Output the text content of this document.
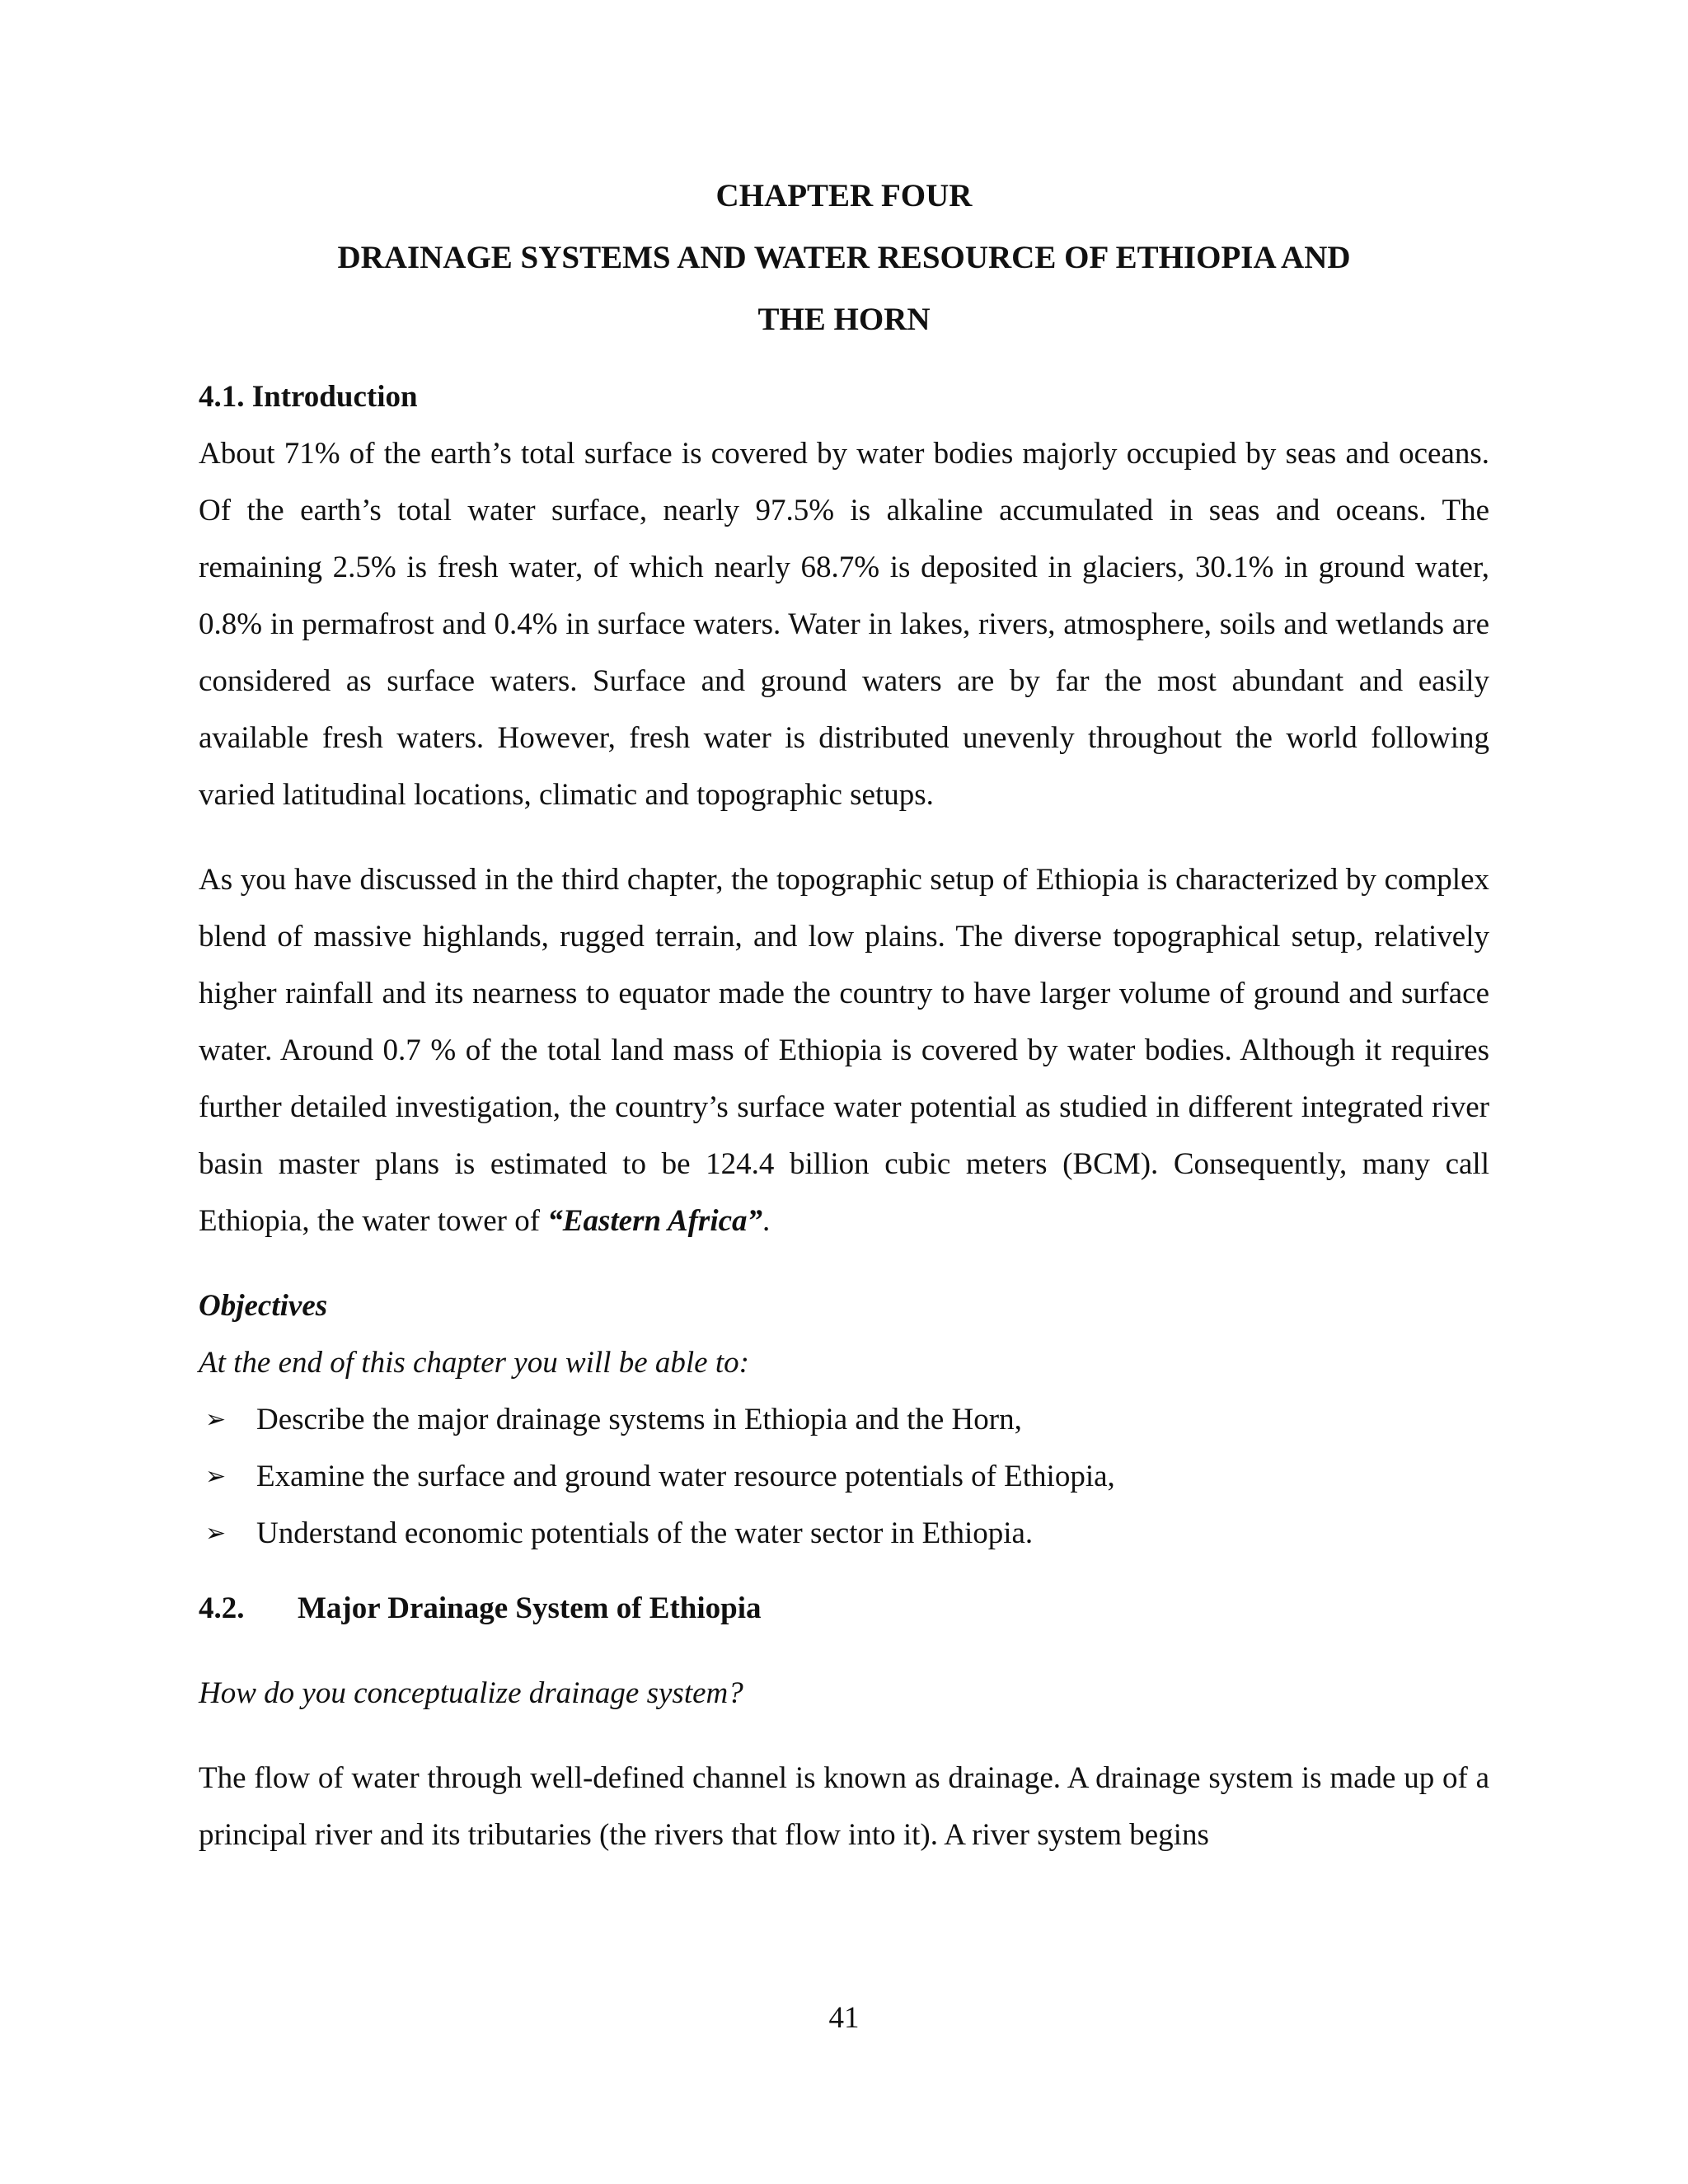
CHAPTER FOUR

DRAINAGE SYSTEMS AND WATER RESOURCE OF ETHIOPIA AND

THE HORN

4.1. Introduction

About 71% of the earth’s total surface is covered by water bodies majorly occupied by seas and oceans. Of the earth’s total water surface, nearly 97.5% is alkaline accumulated in seas and oceans. The remaining 2.5% is fresh water, of which nearly 68.7% is deposited in glaciers, 30.1% in ground water, 0.8% in permafrost and 0.4% in surface waters. Water in lakes, rivers, atmosphere, soils and wetlands are considered as surface waters. Surface and ground waters are by far the most abundant and easily available fresh waters. However, fresh water is distributed unevenly throughout the world following varied latitudinal locations, climatic and topographic setups.

As you have discussed in the third chapter, the topographic setup of Ethiopia is characterized by complex blend of massive highlands, rugged terrain, and low plains. The diverse topographical setup, relatively higher rainfall and its nearness to equator made the country to have larger volume of ground and surface water. Around 0.7 % of the total land mass of Ethiopia is covered by water bodies. Although it requires further detailed investigation, the country’s surface water potential as studied in different integrated river basin master plans is estimated to be 124.4 billion cubic meters (BCM). Consequently, many call Ethiopia, the water tower of “Eastern Africa”.

Objectives

At the end of this chapter you will be able to:

➢ Describe the major drainage systems in Ethiopia and the Horn,
➢ Examine the surface and ground water resource potentials of Ethiopia,
➢ Understand economic potentials of the water sector in Ethiopia.

4.2. Major Drainage System of Ethiopia

How do you conceptualize drainage system?

The flow of water through well-defined channel is known as drainage. A drainage system is made up of a principal river and its tributaries (the rivers that flow into it). A river system begins

41
